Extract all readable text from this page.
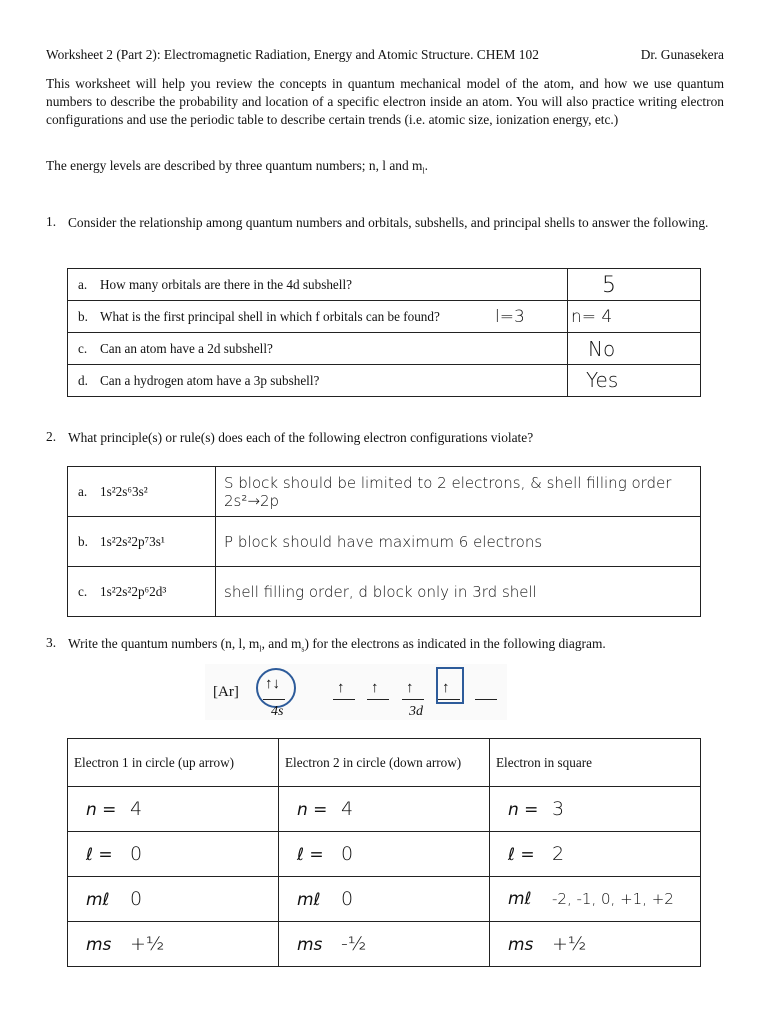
Worksheet 2 (Part 2): Electromagnetic Radiation, Energy and Atomic Structure. CHEM 102	Dr. Gunasekera
This worksheet will help you review the concepts in quantum mechanical model of the atom, and how we use quantum numbers to describe the probability and location of a specific electron inside an atom. You will also practice writing electron configurations and use the periodic table to describe certain trends (i.e. atomic size, ionization energy, etc.)
The energy levels are described by three quantum numbers; n, l and $m_l$.
1. Consider the relationship among quantum numbers and orbitals, subshells, and principal shells to answer the following.
a. How many orbitals are there in the 4d subshell?	5

b. What is the first principal shell in which f orbitals can be found? l=3	n= 4

c. Can an atom have a 2d subshell?	No

d. Can a hydrogen atom have a 3p subshell?	Yes
2. What principle(s) or rule(s) does each of the following electron configurations violate?
a. 1s²2s⁶3s²	S block should be limited to 2 electrons, & shell filling order 2s²→2p
b. 1s²2s²2p⁷3s¹	P block should have maximum 6 electrons
c. 1s²2s²2p⁶2d³	shell filling order, d block only in 3rd shell
3. Write the quantum numbers (n, l, $m_l$, and $m_s$) for the electrons as indicated in the following diagram.
[Ar] ↑↓
4s
↑ ↑ ↑ ↑
3d
Electron 1 in circle (up arrow)	Electron 2 in circle (down arrow)	Electron in square
n = 4	n = 4	n = 3
ℓ = 0	ℓ = 0	ℓ = 2
mℓ 0	mℓ 0	mℓ -2, -1, 0, +1, +2
ms +½	ms -½	ms +½
